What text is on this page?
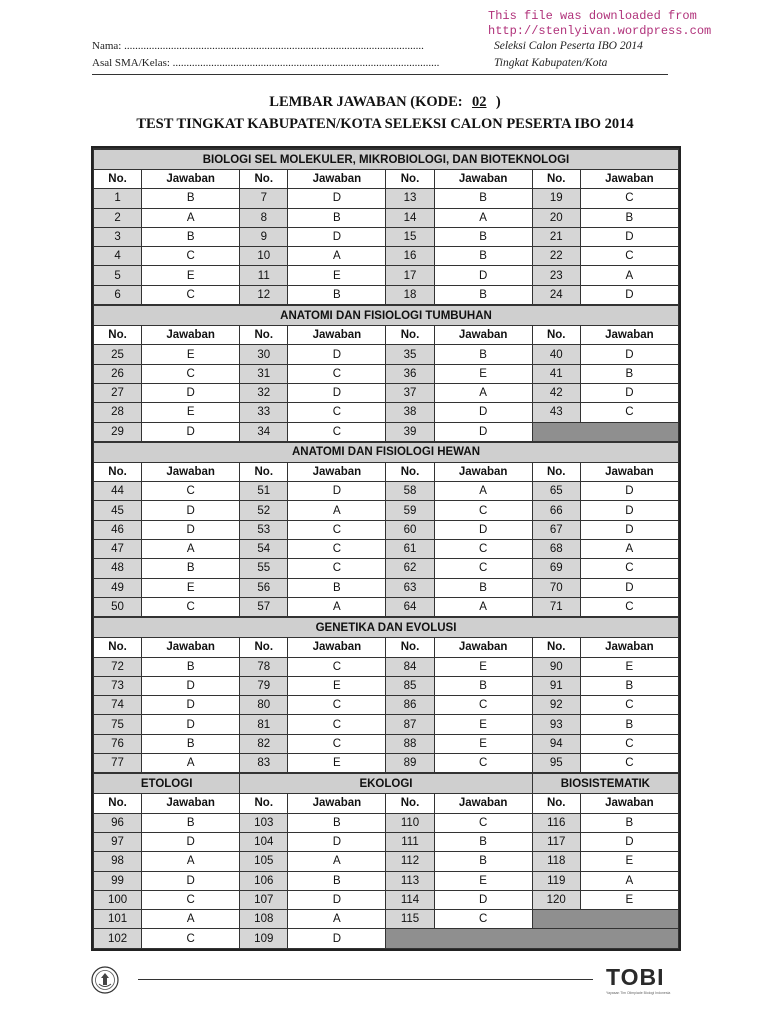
This file was downloaded from
http://stenlyivan.wordpress.com
Nama: .............................................................................................................
Asal SMA/Kelas: .................................................................................................
Seleksi Calon Peserta IBO 2014
Tingkat Kabupaten/Kota
LEMBAR JAWABAN (KODE: 02 )
TEST TINGKAT KABUPATEN/KOTA SELEKSI CALON PESERTA IBO 2014
BIOLOGI SEL MOLEKULER, MIKROBIOLOGI, DAN BIOTEKNOLOGI							
No.	Jawaban	No.	Jawaban	No.	Jawaban	No.	Jawaban
1	B	7	D	13	B	19	C
2	A	8	B	14	A	20	B
3	B	9	D	15	B	21	D
4	C	10	A	16	B	22	C
5	E	11	E	17	D	23	A
6	C	12	B	18	B	24	D
ANATOMI DAN FISIOLOGI TUMBUHAN							
No.	Jawaban	No.	Jawaban	No.	Jawaban	No.	Jawaban
25	E	30	D	35	B	40	D
26	C	31	C	36	E	41	B
27	D	32	D	37	A	42	D
28	E	33	C	38	D	43	C
29	D	34	C	39	D		
ANATOMI DAN FISIOLOGI HEWAN							
No.	Jawaban	No.	Jawaban	No.	Jawaban	No.	Jawaban
44	C	51	D	58	A	65	D
45	D	52	A	59	C	66	D
46	D	53	C	60	D	67	D
47	A	54	C	61	C	68	A
48	B	55	C	62	C	69	C
49	E	56	B	63	B	70	D
50	C	57	A	64	A	71	C
GENETIKA DAN EVOLUSI							
No.	Jawaban	No.	Jawaban	No.	Jawaban	No.	Jawaban
72	B	78	C	84	E	90	E
73	D	79	E	85	B	91	B
74	D	80	C	86	C	92	C
75	D	81	C	87	E	93	B
76	B	82	C	88	E	94	C
77	A	83	E	89	C	95	C
ETOLOGI		EKOLOGI				BIOSISTEMATIK	
No.	Jawaban	No.	Jawaban	No.	Jawaban	No.	Jawaban
96	B	103	B	110	C	116	B
97	D	104	D	111	B	117	D
98	A	105	A	112	B	118	E
99	D	106	B	113	E	119	A
100	C	107	D	114	D	120	E
101	A	108	A	115	C		
102	C	109	D				
TOBI
Yayasan Tim Olimpiade Biologi Indonesia
